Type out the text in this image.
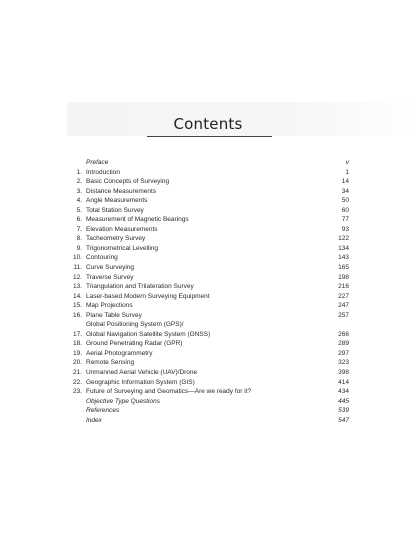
Contents
Preface	v
1. Introduction	1
2. Basic Concepts of Surveying	14
3. Distance Measurements	34
4. Angle Measurements	50
5. Total Station Survey	60
6. Measurement of Magnetic Bearings	77
7. Elevation Measurements	93
8. Tacheometry Survey	122
9. Trigonometrical Levelling	134
10. Contouring	143
11. Curve Surveying	165
12. Traverse Survey	198
13. Triangulation and Trilateration Survey	216
14. Laser-based Modern Surveying Equipment	227
15. Map Projections	247
16. Plane Table Survey	257
17.
Global Positioning System (GPS)/
Global Navigation Satellite System (GNSS)	266
18. Ground Penetrating Radar (GPR)	289
19. Aerial Photogrammetry	297
20. Remote Sensing	323
21. Unmanned Aerial Vehicle (UAV)/Drone	398
22. Geographic Information System (GIS)	414
23. Future of Surveying and Geomatics—Are we ready for it?	434
Objective Type Questions	445
References	539
Index	547
